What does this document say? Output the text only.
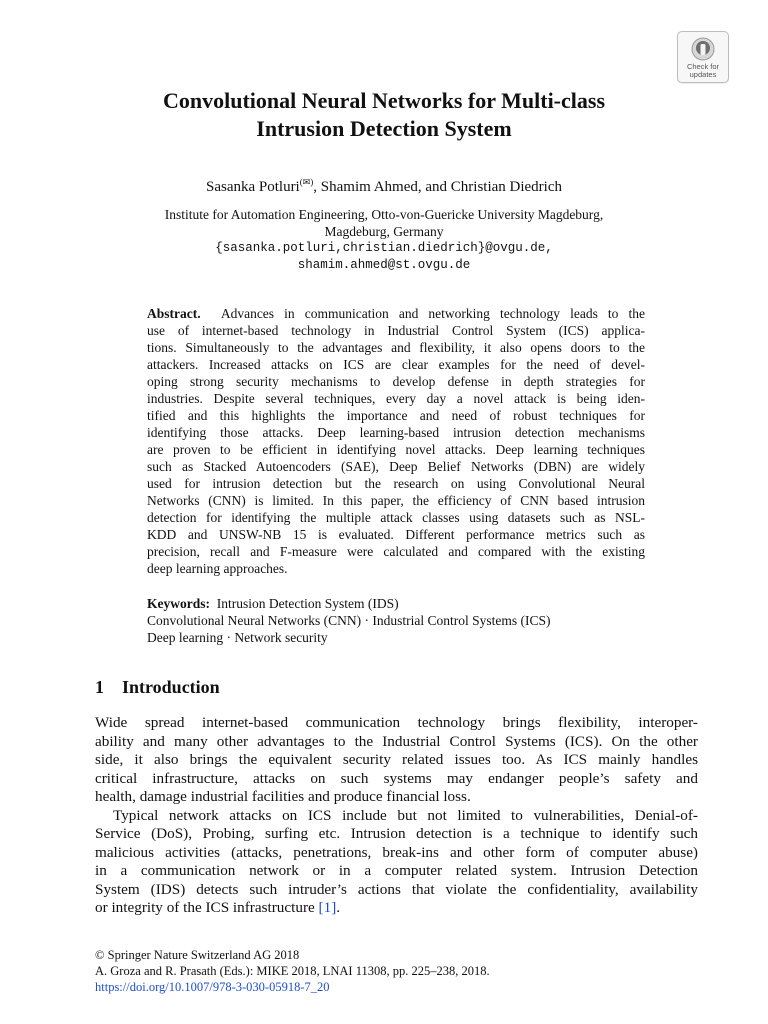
Check for
updates
Convolutional Neural Networks for Multi-class
Intrusion Detection System
Sasanka Potluri(✉), Shamim Ahmed, and Christian Diedrich
Institute for Automation Engineering, Otto-von-Guericke University Magdeburg,
Magdeburg, Germany
{sasanka.potluri,christian.diedrich}@ovgu.de,
shamim.ahmed@st.ovgu.de
Abstract. Advances in communication and networking technology leads to the
use of internet-based technology in Industrial Control System (ICS) applica-
tions. Simultaneously to the advantages and flexibility, it also opens doors to the
attackers. Increased attacks on ICS are clear examples for the need of devel-
oping strong security mechanisms to develop defense in depth strategies for
industries. Despite several techniques, every day a novel attack is being iden-
tified and this highlights the importance and need of robust techniques for
identifying those attacks. Deep learning-based intrusion detection mechanisms
are proven to be efficient in identifying novel attacks. Deep learning techniques
such as Stacked Autoencoders (SAE), Deep Belief Networks (DBN) are widely
used for intrusion detection but the research on using Convolutional Neural
Networks (CNN) is limited. In this paper, the efficiency of CNN based intrusion
detection for identifying the multiple attack classes using datasets such as NSL-
KDD and UNSW-NB 15 is evaluated. Different performance metrics such as
precision, recall and F-measure were calculated and compared with the existing
deep learning approaches.
Keywords: Intrusion Detection System (IDS)
Convolutional Neural Networks (CNN) · Industrial Control Systems (ICS)
Deep learning · Network security
1 Introduction
Wide spread internet-based communication technology brings flexibility, interoper-
ability and many other advantages to the Industrial Control Systems (ICS). On the other
side, it also brings the equivalent security related issues too. As ICS mainly handles
critical infrastructure, attacks on such systems may endanger people’s safety and
health, damage industrial facilities and produce financial loss.
Typical network attacks on ICS include but not limited to vulnerabilities, Denial-of-
Service (DoS), Probing, surfing etc. Intrusion detection is a technique to identify such
malicious activities (attacks, penetrations, break-ins and other form of computer abuse)
in a communication network or in a computer related system. Intrusion Detection
System (IDS) detects such intruder’s actions that violate the confidentiality, availability
or integrity of the ICS infrastructure [1].
© Springer Nature Switzerland AG 2018
A. Groza and R. Prasath (Eds.): MIKE 2018, LNAI 11308, pp. 225–238, 2018.
https://doi.org/10.1007/978-3-030-05918-7_20
